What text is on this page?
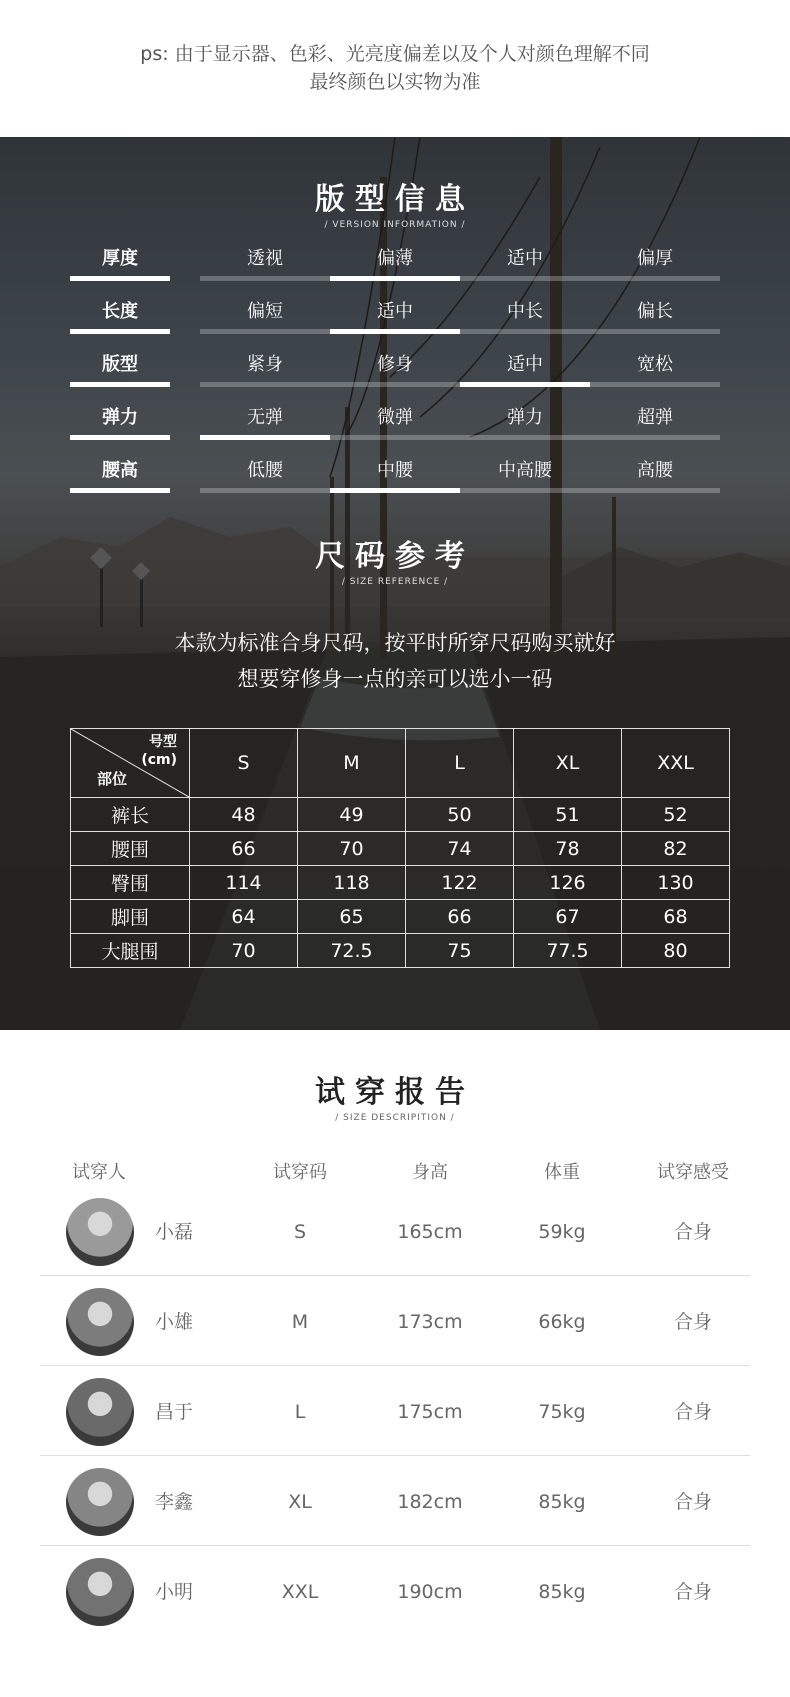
ps: 由于显示器、色彩、光亮度偏差以及个人对颜色理解不同
最终颜色以实物为准
版型信息
/ VERSION INFORMATION /
尺码参考
/ SIZE REFERENCE /
本款为标准合身尺码，按平时所穿尺码购买就好
想要穿修身一点的亲可以选小一码
厚度	透视	偏薄	适中	偏厚
长度	偏短	适中	中长	偏长
版型	紧身	修身	适中	宽松
弹力	无弹	微弹	弹力	超弹
腰高	低腰	中腰	中高腰	高腰
号型
(cm)
部位	S	M	L	XL	XXL
裤长	48	49	50	51	52
腰围	66	70	74	78	82
臀围	114	118	122	126	130
脚围	64	65	66	67	68
大腿围	70	72.5	75	77.5	80
试穿报告
/ SIZE DESCRIPITION /
试穿人	试穿码	身高	体重	试穿感受
小磊	S	165cm	59kg	合身
小雄	M	173cm	66kg	合身
昌于	L	175cm	75kg	合身
李鑫	XL	182cm	85kg	合身
小明	XXL	190cm	85kg	合身
